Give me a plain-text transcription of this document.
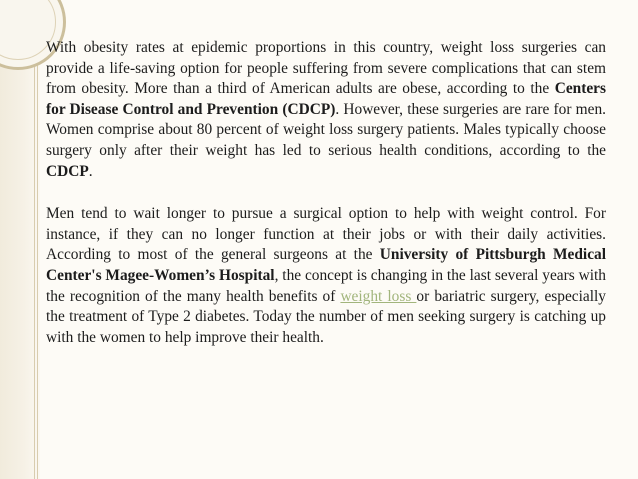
With obesity rates at epidemic proportions in this country, weight loss surgeries can provide a life-saving option for people suffering from severe complications that can stem from obesity. More than a third of American adults are obese, according to the Centers for Disease Control and Prevention (CDCP). However, these surgeries are rare for men. Women comprise about 80 percent of weight loss surgery patients. Males typically choose surgery only after their weight has led to serious health conditions, according to the CDCP.

Men tend to wait longer to pursue a surgical option to help with weight control. For instance, if they can no longer function at their jobs or with their daily activities. According to most of the general surgeons at the University of Pittsburgh Medical Center's Magee-Women’s Hospital, the concept is changing in the last several years with the recognition of the many health benefits of weight loss or bariatric surgery, especially the treatment of Type 2 diabetes. Today the number of men seeking surgery is catching up with the women to help improve their health.
